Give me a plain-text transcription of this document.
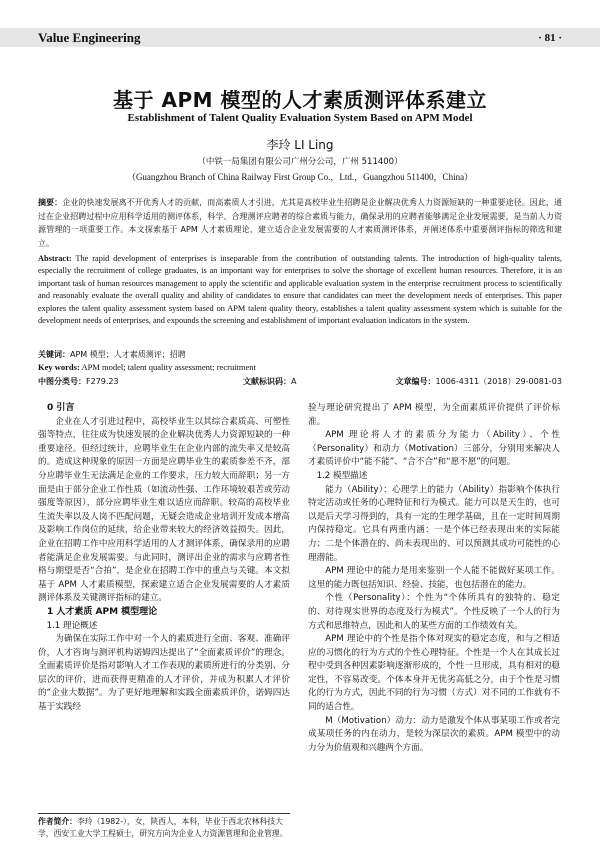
Value Engineering	· 81 ·
基于 APM 模型的人才素质测评体系建立
Establishment of Talent Quality Evaluation System Based on APM Model
李玲 LI Ling
（中铁一局集团有限公司广州分公司，广州 511400）
（Guangzhou Branch of China Railway First Group Co.，Ltd.，Guangzhou 511400，China）
摘要：企业的快速发展离不开优秀人才的贡献，而高素质人才引进，尤其是高校毕业生招聘是企业解决优秀人力资源短缺的一种重要途径。因此，通过在企业招聘过程中应用科学适用的测评体系，科学、合理测评应聘者的综合素质与能力，确保录用的应聘者能够满足企业发展需要，是当前人力资源管理的一项重要工作。本文探索基于 APM 人才素质理论，建立适合企业发展需要的人才素质测评体系，并阐述体系中重要测评指标的筛选和建立。
Abstract: The rapid development of enterprises is inseparable from the contribution of outstanding talents. The introduction of high-quality talents, especially the recruitment of college graduates, is an important way for enterprises to solve the shortage of excellent human resources. Therefore, it is an important task of human resources management to apply the scientific and applicable evaluation system in the enterprise recruitment process to scientifically and reasonably evaluate the overall quality and ability of candidates to ensure that candidates can meet the development needs of enterprises. This paper explores the talent quality assessment system based on APM talent quality theory, establishes a talent quality assessment system which is suitable for the development needs of enterprises, and expounds the screening and establishment of important evaluation indicators in the system.
关键词：APM 模型；人才素质测评；招聘
Key words: APM model; talent quality assessment; recruitment
中图分类号：F279.23	文献标识码：A	文章编号：1006-4311（2018）29-0081-03
0 引言

企业在人才引进过程中，高校毕业生以其综合素质高、可塑性强等特点，往往成为快速发展的企业解决优秀人力资源短缺的一种重要途径。但经过统计，应聘毕业生在企业内部的流失率又是较高的。造成这种现象的原因一方面是应聘毕业生的素质参差不齐，部分应聘毕业生无法满足企业的工作要求，压力较大而辞职；另一方面是由于部分企业工作性质（如流动性强、工作环境较艰苦或劳动强度等原因），部分应聘毕业生难以适应而辞职。较高的高校毕业生流失率以及人岗不匹配问题，无疑会造成企业培训开发成本增高及影响工作岗位的延续，给企业带来较大的经济效益损失。因此，企业在招聘工作中应用科学适用的人才测评体系，确保录用的应聘者能满足企业发展需要。与此同时，测评出企业的需求与应聘者性格与期望是否“合拍”，是企业在招聘工作中的重点与关键。本文拟基于 APM 人才素质模型，探索建立适合企业发展需要的人才素质测评体系及关键测评指标的建立。

1 人才素质 APM 模型理论
1.1 理论概述

为确保在实际工作中对一个人的素质进行全面、客观、准确评价，人才咨询与测评机构诺姆四达提出了“全面素质评价”的理念。全面素质评价是指对影响人才工作表现的素质所进行的分类别、分层次的评价，进而获得更精准的人才评价，并成为积累人才评价的“企业大数据”。为了更好地理解和实践全面素质评价，诺姆四达基于实践经

验与理论研究提出了 APM 模型，为全面素质评价提供了评价标准。

APM 理论将人才的素质分为能力（Ability）、个性（Personality）和动力（Motivation）三部分，分别用来解决人才素质评价中“能不能”、“合不合”和“愿不愿”的问题。

1.2 模型描述

能力（Ability）：心理学上的能力（Ability）指影响个体执行特定活动或任务的心理特征和行为模式。能力可以是天生的，也可以是后天学习得到的，具有一定的生理学基础，且在一定时间周期内保持稳定。它具有两重内涵：一是个体已经表现出来的实际能力；二是个体潜在的、尚未表现出的、可以预测其成功可能性的心理潜能。

APM 理论中的能力是用来鉴别一个人能不能做好某项工作。这里的能力既包括知识、经验、技能，也包括潜在的能力。

个性（Personality）：个性为“个体所具有的独特的、稳定的、对待现实世界的态度及行为模式”。个性反映了一个人的行为方式和思维特点，因此和人的某些方面的工作绩效有关。

APM 理论中的个性是指个体对现实的稳定态度，和与之相适应的习惯化的行为方式的个性心理特征。个性是一个人在其成长过程中受到各种因素影响逐渐形成的，个性一旦形成，具有相对的稳定性，不容易改变。个体本身并无优劣高低之分，由于个性是习惯化的行为方式，因此不同的行为习惯（方式）对不同的工作就有不同的适合性。

M（Motivation）动力：动力是激发个体从事某项工作或者完成某项任务的内在动力，是较为深层次的素质。APM 模型中的动力分为价值观和兴趣两个方面。

作者简介：李玲（1982-），女，陕西人，本科，毕业于西北农林科技大学，西安工业大学工程硕士，研究方向为企业人力资源管理和企业管理。
